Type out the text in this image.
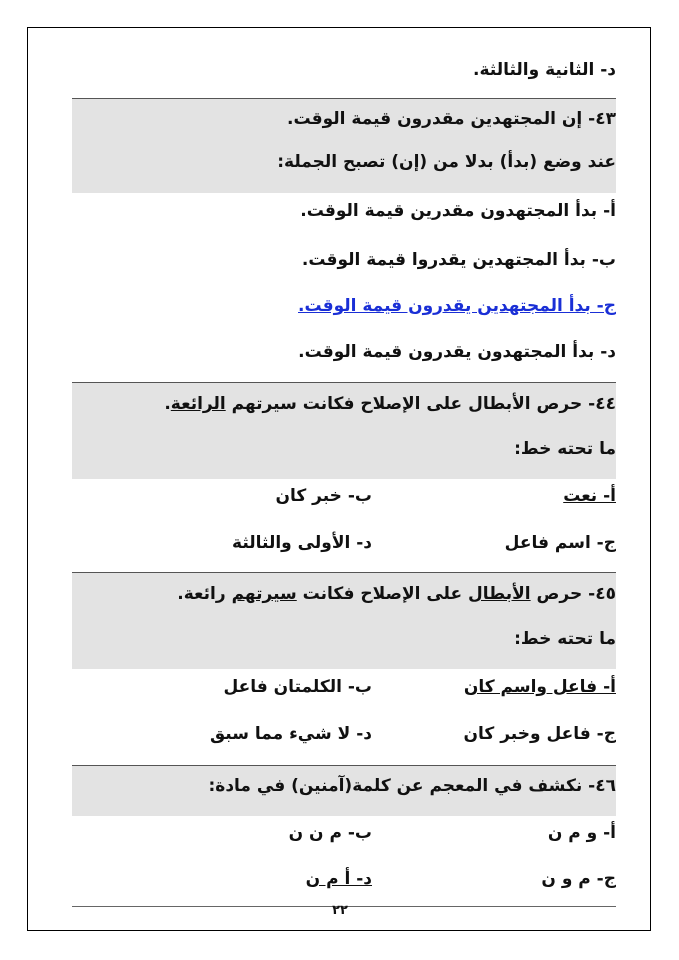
د- الثانية والثالثة.
٤٣- إن المجتهدين مقدرون قيمة الوقت.
عند وضع (بدأ) بدلا من (إن) تصبح الجملة:
أ- بدأ المجتهدون مقدرين قيمة الوقت.
ب- بدأ المجتهدين يقدروا قيمة الوقت.
ج- بدأ المجتهدين يقدرون قيمة الوقت.
د- بدأ المجتهدون يقدرون قيمة الوقت.
٤٤- حرص الأبطال على الإصلاح فكانت سيرتهم الرائعة.
ما تحته خط:
أ- نعت
ب- خبر كان
ج- اسم فاعل
د- الأولى والثالثة
٤٥- حرص الأبطال على الإصلاح فكانت سيرتهم رائعة.
ما تحته خط:
أ- فاعل واسم كان
ب- الكلمتان فاعل
ج- فاعل وخبر كان
د- لا شيء مما سبق
٤٦- نكشف في المعجم عن كلمة(آمنين) في مادة:
أ- و م ن
ب- م ن ن
ج- م و ن
د- أ م ن
٢٢
